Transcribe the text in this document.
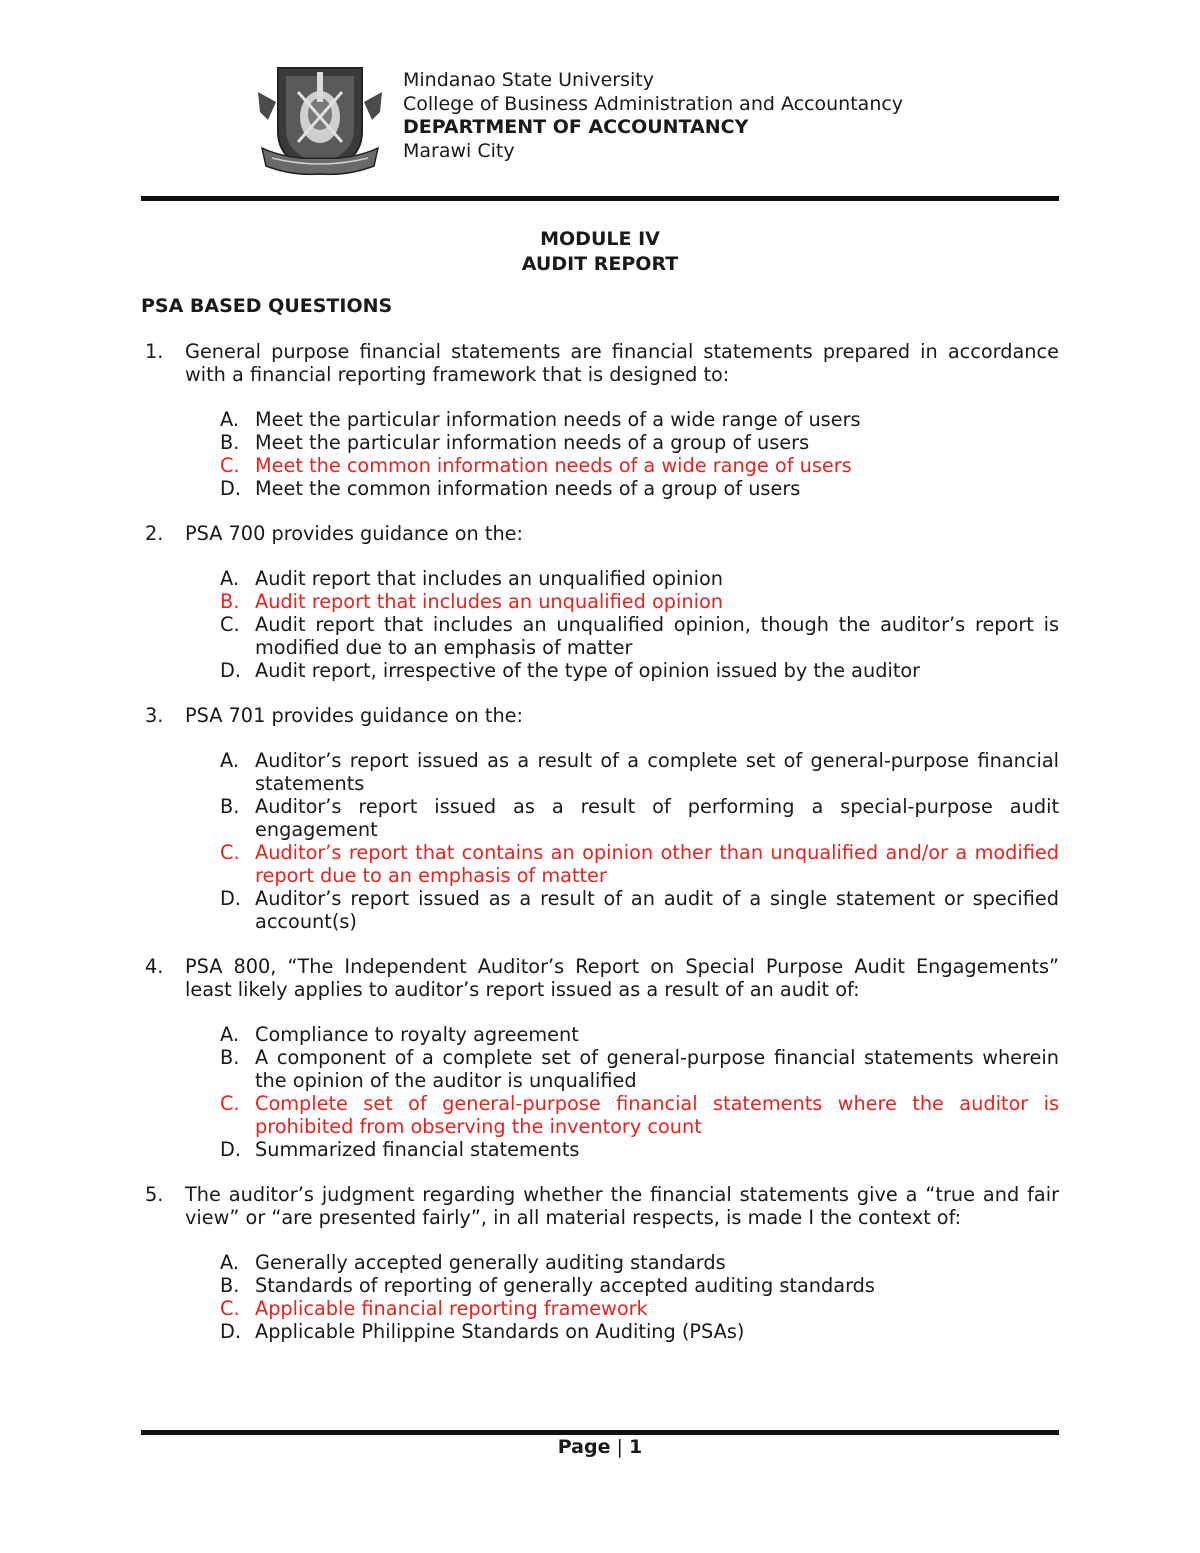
Mindanao State University
College of Business Administration and Accountancy
DEPARTMENT OF ACCOUNTANCY
Marawi City
MODULE IV
AUDIT REPORT
PSA BASED QUESTIONS
1. General purpose financial statements are financial statements prepared in accordance with a financial reporting framework that is designed to:
A. Meet the particular information needs of a wide range of users
B. Meet the particular information needs of a group of users
C. Meet the common information needs of a wide range of users
D. Meet the common information needs of a group of users
2. PSA 700 provides guidance on the:
A. Audit report that includes an unqualified opinion
B. Audit report that includes an unqualified opinion
C. Audit report that includes an unqualified opinion, though the auditor’s report is modified due to an emphasis of matter
D. Audit report, irrespective of the type of opinion issued by the auditor
3. PSA 701 provides guidance on the:
A. Auditor’s report issued as a result of a complete set of general-purpose financial statements
B. Auditor’s report issued as a result of performing a special-purpose audit engagement
C. Auditor’s report that contains an opinion other than unqualified and/or a modified report due to an emphasis of matter
D. Auditor’s report issued as a result of an audit of a single statement or specified account(s)
4. PSA 800, “The Independent Auditor’s Report on Special Purpose Audit Engagements” least likely applies to auditor’s report issued as a result of an audit of:
A. Compliance to royalty agreement
B. A component of a complete set of general-purpose financial statements wherein the opinion of the auditor is unqualified
C. Complete set of general-purpose financial statements where the auditor is prohibited from observing the inventory count
D. Summarized financial statements
5. The auditor’s judgment regarding whether the financial statements give a “true and fair view” or “are presented fairly”, in all material respects, is made I the context of:
A. Generally accepted generally auditing standards
B. Standards of reporting of generally accepted auditing standards
C. Applicable financial reporting framework
D. Applicable Philippine Standards on Auditing (PSAs)
Page | 1
